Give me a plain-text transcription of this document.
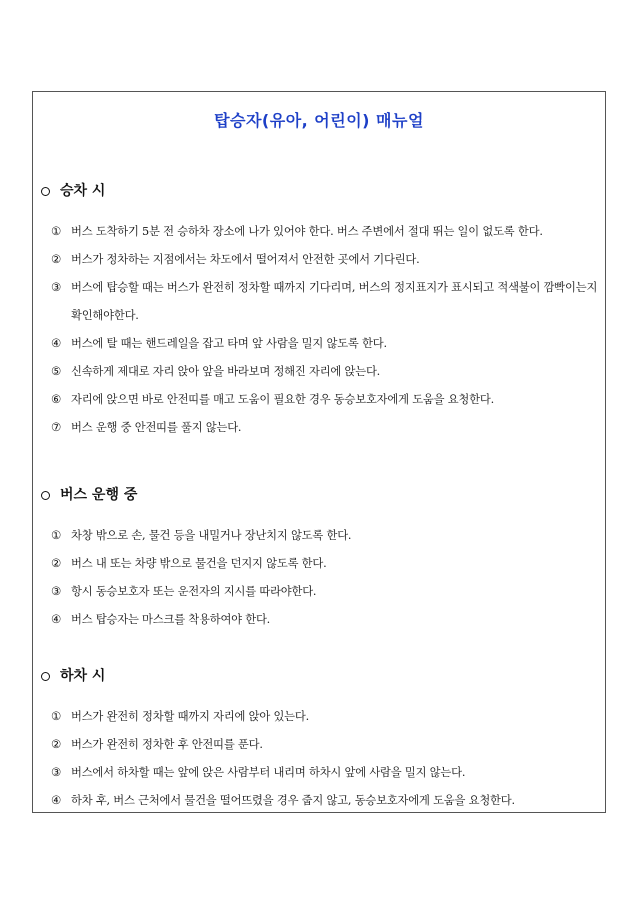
탑승자(유아, 어린이) 매뉴얼
승차 시
① 버스 도착하기 5분 전 승하차 장소에 나가 있어야 한다. 버스 주변에서 절대 뛰는 일이 없도록 한다.
② 버스가 정차하는 지점에서는 차도에서 떨어져서 안전한 곳에서 기다린다.
③ 버스에 탑승할 때는 버스가 완전히 정차할 때까지 기다리며, 버스의 정지표지가 표시되고 적색불이 깜빡이는지 확인해야한다.
④ 버스에 탈 때는 핸드레일을 잡고 타며 앞 사람을 밀지 않도록 한다.
⑤ 신속하게 제대로 자리 앉아 앞을 바라보며 정해진 자리에 앉는다.
⑥ 자리에 앉으면 바로 안전띠를 매고 도움이 필요한 경우 동승보호자에게 도움을 요청한다.
⑦ 버스 운행 중 안전띠를 풀지 않는다.
버스 운행 중
① 차창 밖으로 손, 물건 등을 내밀거나 장난치지 않도록 한다.
② 버스 내 또는 차량 밖으로 물건을 던지지 않도록 한다.
③ 항시 동승보호자 또는 운전자의 지시를 따라야한다.
④ 버스 탑승자는 마스크를 착용하여야 한다.
하차 시
① 버스가 완전히 정차할 때까지 자리에 앉아 있는다.
② 버스가 완전히 정차한 후 안전띠를 푼다.
③ 버스에서 하차할 때는 앞에 앉은 사람부터 내리며 하차시 앞에 사람을 밀지 않는다.
④ 하차 후, 버스 근처에서 물건을 떨어뜨렸을 경우 줍지 않고, 동승보호자에게 도움을 요청한다.
